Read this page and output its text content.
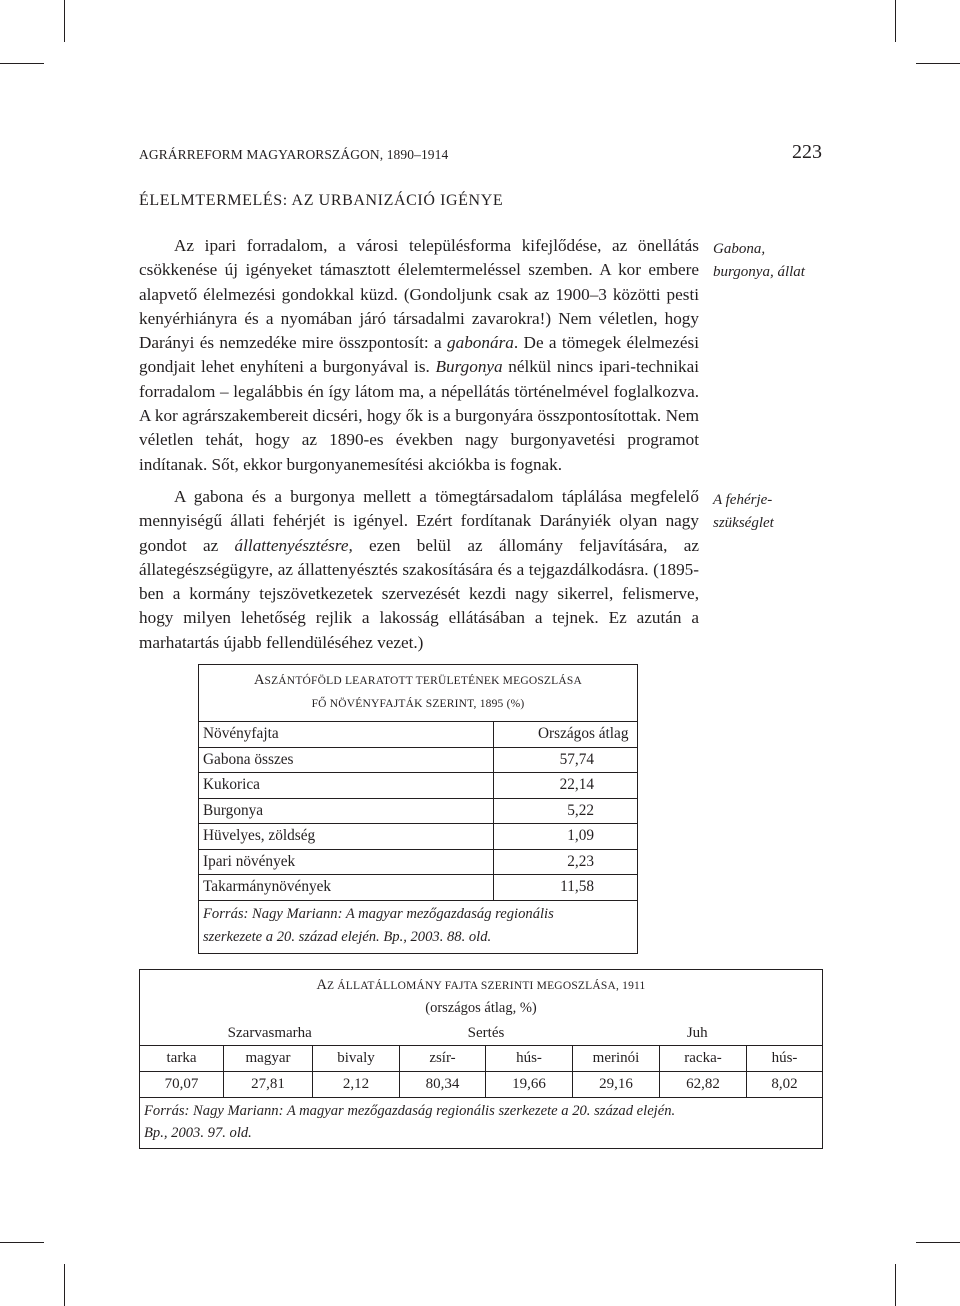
AGRÁRREFORM MAGYARORSZÁGON, 1890–1914	223
ÉLELMTERMELÉS: AZ URBANIZÁCIÓ IGÉNYE

Az ipari forradalom, a városi településforma kifejlődése, az önellátás csökkenése új igényeket támasztott élelemtermeléssel szemben. A kor embere alapvető élelmezési gondokkal küzd. (Gondoljunk csak az 1900–3 közötti pesti kenyérhiányra és a nyomában járó társadalmi zavarokra!) Nem véletlen, hogy Darányi és nemzedéke mire összpontosít: a gabonára. De a tömegek élelmezési gondjait lehet enyhíteni a burgonyával is. Burgonya nélkül nincs ipari-technikai forradalom – legalábbis én így látom ma, a népellátás történelmével foglalkozva. A kor agrárszakembereit dicséri, hogy ők is a burgonyára összpontosítottak. Nem véletlen tehát, hogy az 1890-es években nagy burgonyavetési programot indítanak. Sőt, ekkor burgonyanemesítési akciókba is fognak.

A gabona és a burgonya mellett a tömegtársadalom táplálása megfelelő mennyiségű állati fehérjét is igényel. Ezért fordítanak Darányiék olyan nagy gondot az állattenyésztésre, ezen belül az állomány feljavítására, az állategészségügyre, az állattenyésztés szakosítására és a tejgazdálkodásra. (1895-ben a kormány tejszövetkezetek szervezését kezdi nagy sikerrel, felismerve, hogy milyen lehetőség rejlik a lakosság ellátásában a tejnek. Ez azután a marhatartás újabb fellendüléséhez vezet.)

Gabona,
burgonya, állat
A fehérje-
szükséglet
ASZÁNTÓFÖLD LEARATOTT TERÜLETÉNEK MEGOSZLÁSA
FŐ NÖVÉNYFAJTÁK SZERINT, 1895 (%)	
Növényfajta	Országos átlag
Gabona összes	57,74
Kukorica	22,14
Burgonya	5,22
Hüvelyes, zöldség	1,09
Ipari növények	2,23
Takarmánynövények	11,58
Forrás: Nagy Mariann: A magyar mezőgazdaság regionális
szerkezete a 20. század elején. Bp., 2003. 88. old.	
AZ ÁLLATÁLLOMÁNY FAJTA SZERINTI MEGOSZLÁSA, 1911
(országos átlag, %)							
Szarvasmarha			Sertés		Juh		
tarka	magyar	bivaly	zsír-	hús-	merinói	racka-	hús-
70,07	27,81	2,12	80,34	19,66	29,16	62,82	8,02
Forrás: Nagy Mariann: A magyar mezőgazdaság regionális szerkezete a 20. század elején.
Bp., 2003. 97. old.							
